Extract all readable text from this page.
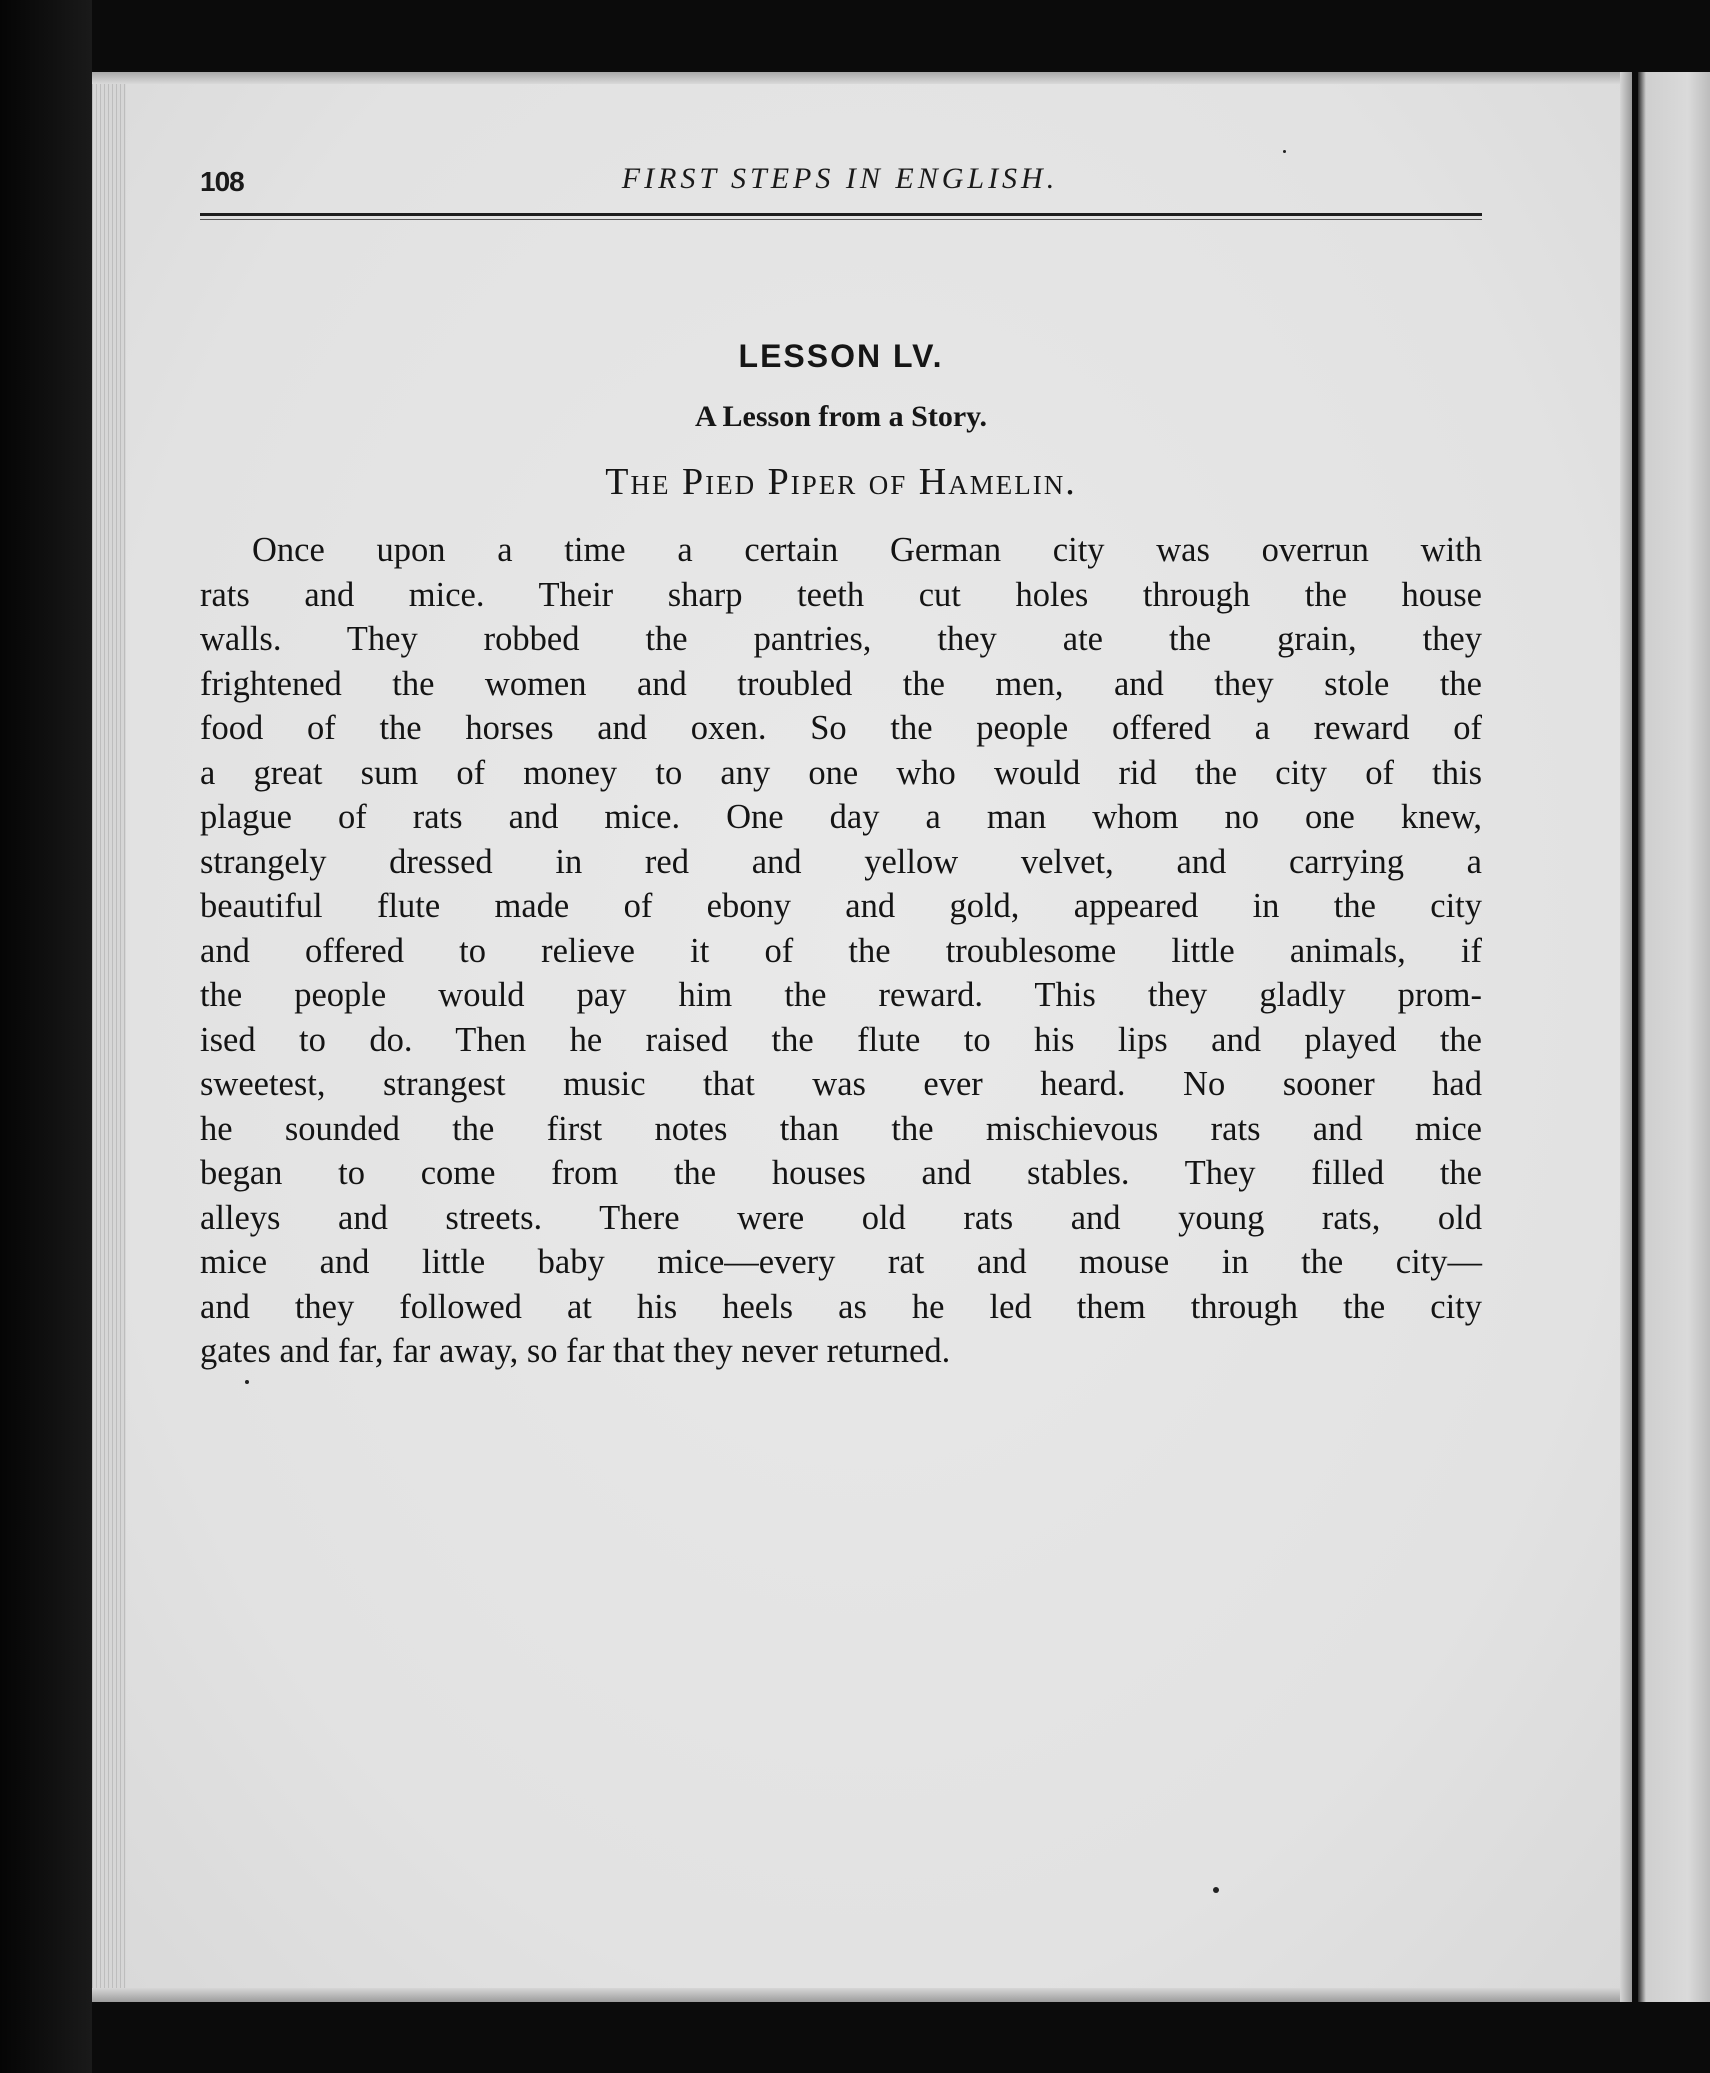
108	FIRST STEPS IN ENGLISH.
LESSON LV.
A Lesson from a Story.
The Pied Piper of Hamelin.
Once upon a time a certain German city was overrun with
rats and mice. Their sharp teeth cut holes through the house
walls. They robbed the pantries, they ate the grain, they
frightened the women and troubled the men, and they stole the
food of the horses and oxen. So the people offered a reward of
a great sum of money to any one who would rid the city of this
plague of rats and mice. One day a man whom no one knew,
strangely dressed in red and yellow velvet, and carrying a
beautiful flute made of ebony and gold, appeared in the city
and offered to relieve it of the troublesome little animals, if
the people would pay him the reward. This they gladly prom-
ised to do. Then he raised the flute to his lips and played the
sweetest, strangest music that was ever heard. No sooner had
he sounded the first notes than the mischievous rats and mice
began to come from the houses and stables. They filled the
alleys and streets. There were old rats and young rats, old
mice and little baby mice—every rat and mouse in the city—
and they followed at his heels as he led them through the city
gates and far, far away, so far that they never returned.
